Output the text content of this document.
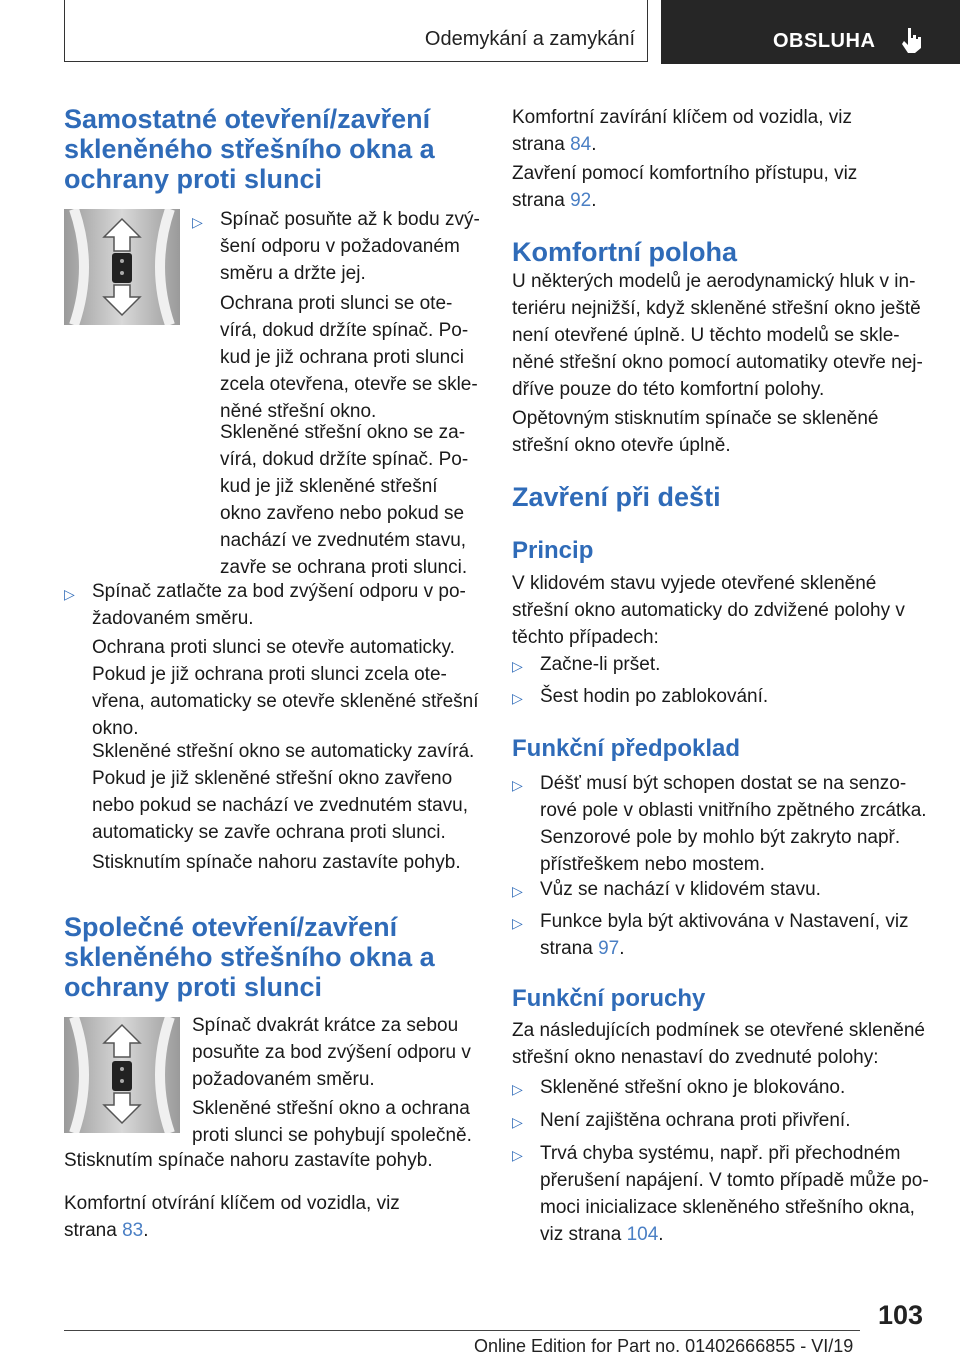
Odemykání a zamykání	OBSLUHA
Samostatné otevření/zavření
skleněného střešního okna a
ochrany proti slunci
▷ Spínač posuňte až k bodu zvý-
šení odporu v požadovaném
směru a držte jej.
Ochrana proti slunci se ote-
vírá, dokud držíte spínač. Po-
kud je již ochrana proti slunci
zcela otevřena, otevře se skle-
něné střešní okno.
Skleněné střešní okno se za-
vírá, dokud držíte spínač. Po-
kud je již skleněné střešní
okno zavřeno nebo pokud se
nachází ve zvednutém stavu,
zavře se ochrana proti slunci.
▷ Spínač zatlačte za bod zvýšení odporu v po-
žadovaném směru.
Ochrana proti slunci se otevře automaticky.
Pokud je již ochrana proti slunci zcela ote-
vřena, automaticky se otevře skleněné střešní
okno.
Skleněné střešní okno se automaticky zavírá.
Pokud je již skleněné střešní okno zavřeno
nebo pokud se nachází ve zvednutém stavu,
automaticky se zavře ochrana proti slunci.
Stisknutím spínače nahoru zastavíte pohyb.
Společné otevření/zavření
skleněného střešního okna a
ochrany proti slunci
Spínač dvakrát krátce za sebou
posuňte za bod zvýšení odporu v
požadovaném směru.
Skleněné střešní okno a ochrana
proti slunci se pohybují společně.
Stisknutím spínače nahoru zastavíte pohyb.
Komfortní otvírání klíčem od vozidla, viz
strana 83.
Komfortní zavírání klíčem od vozidla, viz
strana 84.
Zavření pomocí komfortního přístupu, viz
strana 92.
Komfortní poloha
U některých modelů je aerodynamický hluk v in-
teriéru nejnižší, když skleněné střešní okno ještě
není otevřené úplně. U těchto modelů se skle-
něné střešní okno pomocí automatiky otevře nej-
dříve pouze do této komfortní polohy.
Opětovným stisknutím spínače se skleněné
střešní okno otevře úplně.
Zavření při dešti
Princip
V klidovém stavu vyjede otevřené skleněné
střešní okno automaticky do zdvižené polohy v
těchto případech:
▷ Začne-li pršet.
▷ Šest hodin po zablokování.
Funkční předpoklad
▷ Déšť musí být schopen dostat se na senzo-
rové pole v oblasti vnitřního zpětného zrcátka.
Senzorové pole by mohlo být zakryto např.
přístřeškem nebo mostem.
▷ Vůz se nachází v klidovém stavu.
▷ Funkce byla být aktivována v Nastavení, viz
strana 97.
Funkční poruchy
Za následujících podmínek se otevřené skleněné
střešní okno nenastaví do zvednuté polohy:
▷ Skleněné střešní okno je blokováno.
▷ Není zajištěna ochrana proti přivření.
▷ Trvá chyba systému, např. při přechodném
přerušení napájení. V tomto případě může po-
moci inicializace skleněného střešního okna,
viz strana 104.
103
Online Edition for Part no. 01402666855 - VI/19
